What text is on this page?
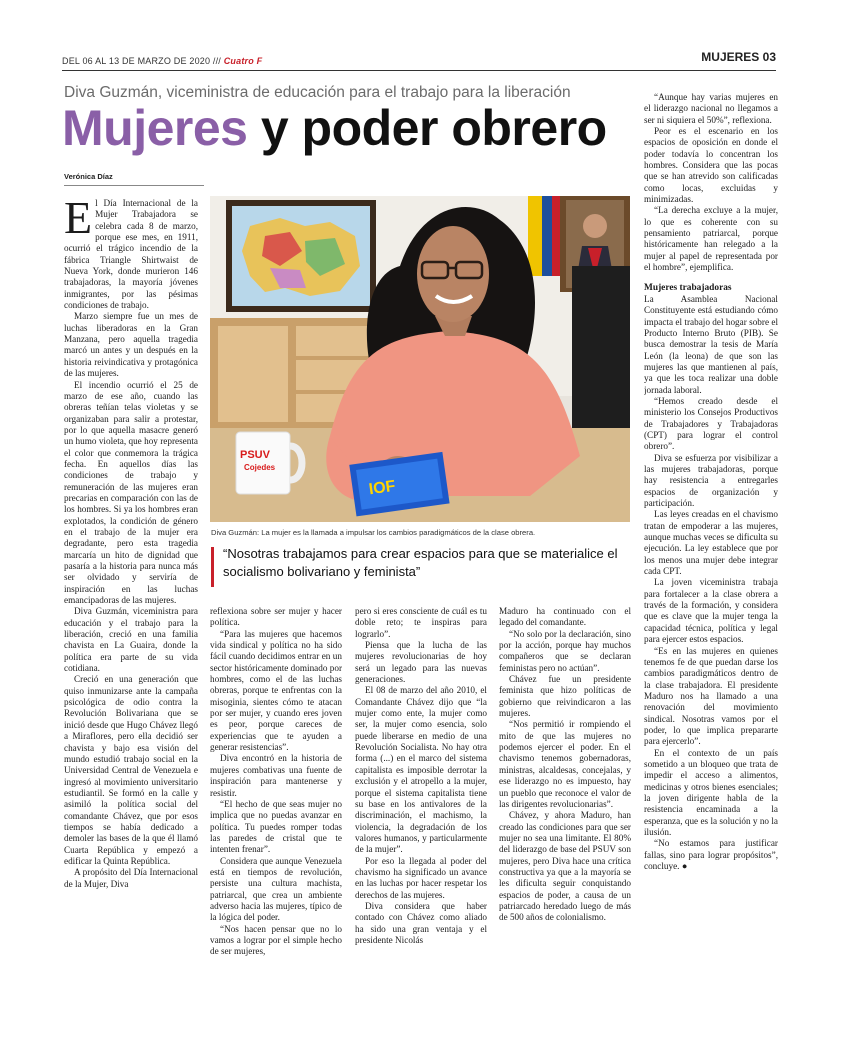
DEL 06 AL 13 DE MARZO DE 2020 /// Cuatro F	MUJERES 03
Diva Guzmán, viceministra de educación para el trabajo para la liberación
Mujeres y poder obrero
Verónica Díaz
IOF
PSUV
Cojedes
Diva Guzmán: La mujer es la llamada a impulsar los cambios paradigmáticos de la clase obrera.
“Nosotras trabajamos para crear espacios para que se materialice el socialismo bolivariano y feminista”

El Día Internacional de la Mujer Trabajadora se celebra cada 8 de marzo, porque ese mes, en 1911, ocurrió el trágico incendio de la fábrica Triangle Shirtwaist de Nueva York, donde murieron 146 trabajadoras, la mayoría jóvenes inmigrantes, por las pésimas condiciones de trabajo.

Marzo siempre fue un mes de luchas liberadoras en la Gran Manzana, pero aquella tragedia marcó un antes y un después en la historia reivindicativa y protagónica de las mujeres.

El incendio ocurrió el 25 de marzo de ese año, cuando las obreras teñían telas violetas y se organizaban para salir a protestar, por lo que aquella masacre generó un humo violeta, que hoy representa el color que conmemora la trágica fecha. En aquellos días las condiciones de trabajo y remuneración de las mujeres eran precarias en comparación con las de los hombres. Si ya los hombres eran explotados, la condición de género en el trabajo de la mujer era degradante, pero esta tragedia marcaría un hito de dignidad que pasaría a la historia para nunca más ser olvidado y serviría de inspiración en las luchas emancipadoras de las mujeres.

Diva Guzmán, viceministra para educación y el trabajo para la liberación, creció en una familia chavista en La Guaira, donde la política era parte de su vida cotidiana.

Creció en una generación que quiso inmunizarse ante la campaña psicológica de odio contra la Revolución Bolivariana que se inició desde que Hugo Chávez llegó a Miraflores, pero ella decidió ser chavista y bajo esa visión del mundo estudió trabajo social en la Universidad Central de Venezuela e ingresó al movimiento universitario estudiantil. Se formó en la calle y asimiló la política social del comandante Chávez, que por esos tiempos se había dedicado a demoler las bases de la que él llamó Cuarta República y empezó a edificar la Quinta República.

A propósito del Día Internacional de la Mujer, Diva

reflexiona sobre ser mujer y hacer política.

“Para las mujeres que hacemos vida sindical y política no ha sido fácil cuando decidimos entrar en un sector históricamente dominado por hombres, como el de las luchas obreras, porque te enfrentas con la misoginia, sientes cómo te atacan por ser mujer, y cuando eres joven es peor, porque careces de experiencias que te ayuden a generar resistencias”.

Diva encontró en la historia de mujeres combativas una fuente de inspiración para mantenerse y resistir.

“El hecho de que seas mujer no implica que no puedas avanzar en política. Tu puedes romper todas las paredes de cristal que te intenten frenar”.

Considera que aunque Venezuela está en tiempos de revolución, persiste una cultura machista, patriarcal, que crea un ambiente adverso hacia las mujeres, típico de la lógica del poder.

“Nos hacen pensar que no lo vamos a lograr por el simple hecho de ser mujeres,

pero si eres consciente de cuál es tu doble reto; te inspiras para lograrlo”.

Piensa que la lucha de las mujeres revolucionarias de hoy será un legado para las nuevas generaciones.

El 08 de marzo del año 2010, el Comandante Chávez dijo que “la mujer como ente, la mujer como ser, la mujer como esencia, solo puede liberarse en medio de una Revolución Socialista. No hay otra forma (...) en el marco del sistema capitalista es imposible derrotar la exclusión y el atropello a la mujer, porque el sistema capitalista tiene su base en los antivalores de la discriminación, el machismo, la violencia, la degradación de los valores humanos, y particularmente de la mujer”.

Por eso la llegada al poder del chavismo ha significado un avance en las luchas por hacer respetar los derechos de las mujeres.

Diva considera que haber contado con Chávez como aliado ha sido una gran ventaja y el presidente Nicolás

Maduro ha continuado con el legado del comandante.

“No solo por la declaración, sino por la acción, porque hay muchos compañeros que se declaran feministas pero no actúan”.

Chávez fue un presidente feminista que hizo políticas de gobierno que reivindicaron a las mujeres.

“Nos permitió ir rompiendo el mito de que las mujeres no podemos ejercer el poder. En el chavismo tenemos gobernadoras, ministras, alcaldesas, concejalas, y ese liderazgo no es impuesto, hay un pueblo que reconoce el valor de las dirigentes revolucionarias”.

Chávez, y ahora Maduro, han creado las condiciones para que ser mujer no sea una limitante. El 80% del liderazgo de base del PSUV son mujeres, pero Diva hace una crítica constructiva ya que a la mayoría se les dificulta seguir conquistando espacios de poder, a causa de un patriarcado heredado luego de más de 500 años de colonialismo.

“Aunque hay varias mujeres en el liderazgo nacional no llegamos a ser ni siquiera el 50%”, reflexiona.

Peor es el escenario en los espacios de oposición en donde el poder todavía lo concentran los hombres. Considera que las pocas que se han atrevido son calificadas como locas, excluidas y minimizadas.

“La derecha excluye a la mujer, lo que es coherente con su pensamiento patriarcal, porque históricamente han relegado a la mujer al papel de representada por el hombre”, ejemplifica.

Mujeres trabajadoras

La Asamblea Nacional Constituyente está estudiando cómo impacta el trabajo del hogar sobre el Producto Interno Bruto (PIB). Se busca demostrar la tesis de María León (la leona) de que son las mujeres las que mantienen al país, ya que les toca realizar una doble jornada laboral.

“Hemos creado desde el ministerio los Consejos Productivos de Trabajadores y Trabajadoras (CPT) para lograr el control obrero”.

Diva se esfuerza por visibilizar a las mujeres trabajadoras, porque hay resistencia a entregarles espacios de organización y participación.

Las leyes creadas en el chavismo tratan de empoderar a las mujeres, aunque muchas veces se dificulta su ejecución. La ley establece que por los menos una mujer debe integrar cada CPT.

La joven viceministra trabaja para fortalecer a la clase obrera a través de la formación, y considera que es clave que la mujer tenga la capacidad técnica, política y legal para ejercer estos espacios.

“Es en las mujeres en quienes tenemos fe de que puedan darse los cambios paradigmáticos dentro de la clase trabajadora. El presidente Maduro nos ha llamado a una renovación del movimiento sindical. Nosotras vamos por el poder, lo que implica prepararte para ejercerlo”.

En el contexto de un país sometido a un bloqueo que trata de impedir el acceso a alimentos, medicinas y otros bienes esenciales; la joven dirigente habla de la resistencia encaminada a la esperanza, que es la solución y no la ilusión.

“No estamos para justificar fallas, sino para lograr propósitos”, concluye. ●
